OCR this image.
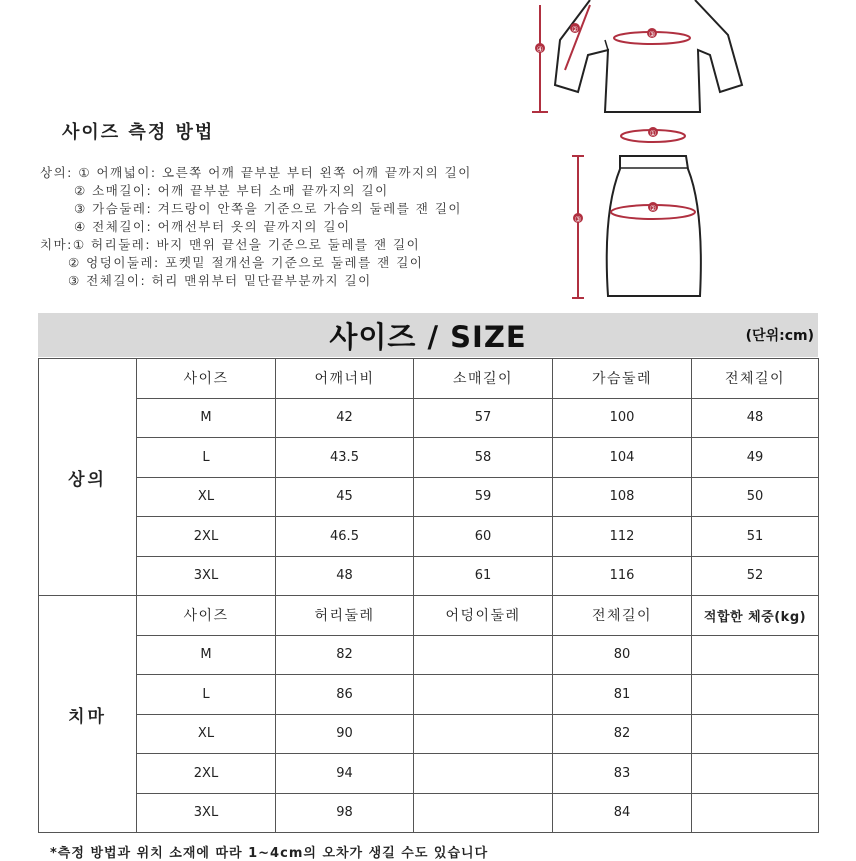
④
②
③
①
②
③
사이즈 측정 방법
상의: ① 어깨넓이: 오른쪽 어깨 끝부분 부터 왼쪽 어깨 끝까지의 길이
② 소매길이: 어깨 끝부분 부터 소매 끝까지의 길이
③ 가슴둘레: 겨드랑이 안쪽을 기준으로 가슴의 둘레를 잰 길이
④ 전체길이: 어깨선부터 옷의 끝까지의 길이
치마:① 허리둘레: 바지 맨위 끝선을 기준으로 둘레를 잰 길이
② 엉덩이둘레: 포켓밑 절개선을 기준으로 둘레를 잰 길이
③ 전체길이: 허리 맨위부터 밑단끝부분까지 길이
사이즈 / SIZE	(단위:cm)
상의	사이즈	어깨너비	소매길이	가슴둘레	전체길이
	M	42	57	100	48
	L	43.5	58	104	49
	XL	45	59	108	50
	2XL	46.5	60	112	51
	3XL	48	61	116	52
치마	사이즈	허리둘레	어덩이둘레	전체길이	적합한 체중(kg)
	M	82		80	
	L	86		81	
	XL	90		82	
	2XL	94		83	
	3XL	98		84	
*측정 방법과 위치 소재에 따라 1~4cm의 오차가 생길 수도 있습니다
